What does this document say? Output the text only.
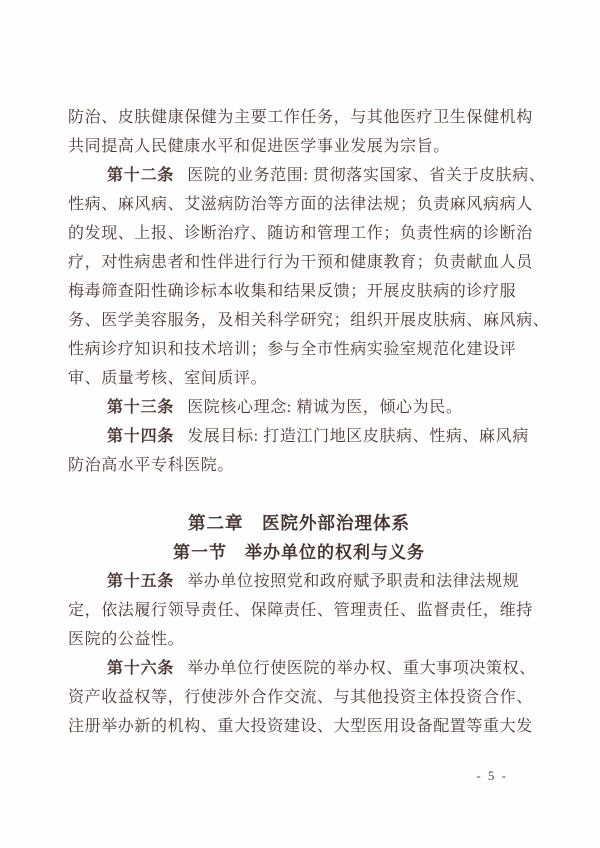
防治、皮肤健康保健为主要工作任务，与其他医疗卫生保健机构
共同提高人民健康水平和促进医学事业发展为宗旨。
第十二条 医院的业务范围: 贯彻落实国家、省关于皮肤病、
性病、麻风病、艾滋病防治等方面的法律法规；负责麻风病病人
的发现、上报、诊断治疗、随访和管理工作；负责性病的诊断治
疗，对性病患者和性伴进行行为干预和健康教育；负责献血人员
梅毒筛查阳性确诊标本收集和结果反馈；开展皮肤病的诊疗服
务、医学美容服务，及相关科学研究；组织开展皮肤病、麻风病、
性病诊疗知识和技术培训；参与全市性病实验室规范化建设评
审、质量考核、室间质评。
第十三条 医院核心理念: 精诚为医，倾心为民。
第十四条 发展目标: 打造江门地区皮肤病、性病、麻风病
防治高水平专科医院。
第二章　医院外部治理体系
第一节　举办单位的权利与义务
第十五条 举办单位按照党和政府赋予职责和法律法规规
定，依法履行领导责任、保障责任、管理责任、监督责任，维持
医院的公益性。
第十六条 举办单位行使医院的举办权、重大事项决策权、
资产收益权等，行使涉外合作交流、与其他投资主体投资合作、
注册举办新的机构、重大投资建设、大型医用设备配置等重大发
- 5 -
